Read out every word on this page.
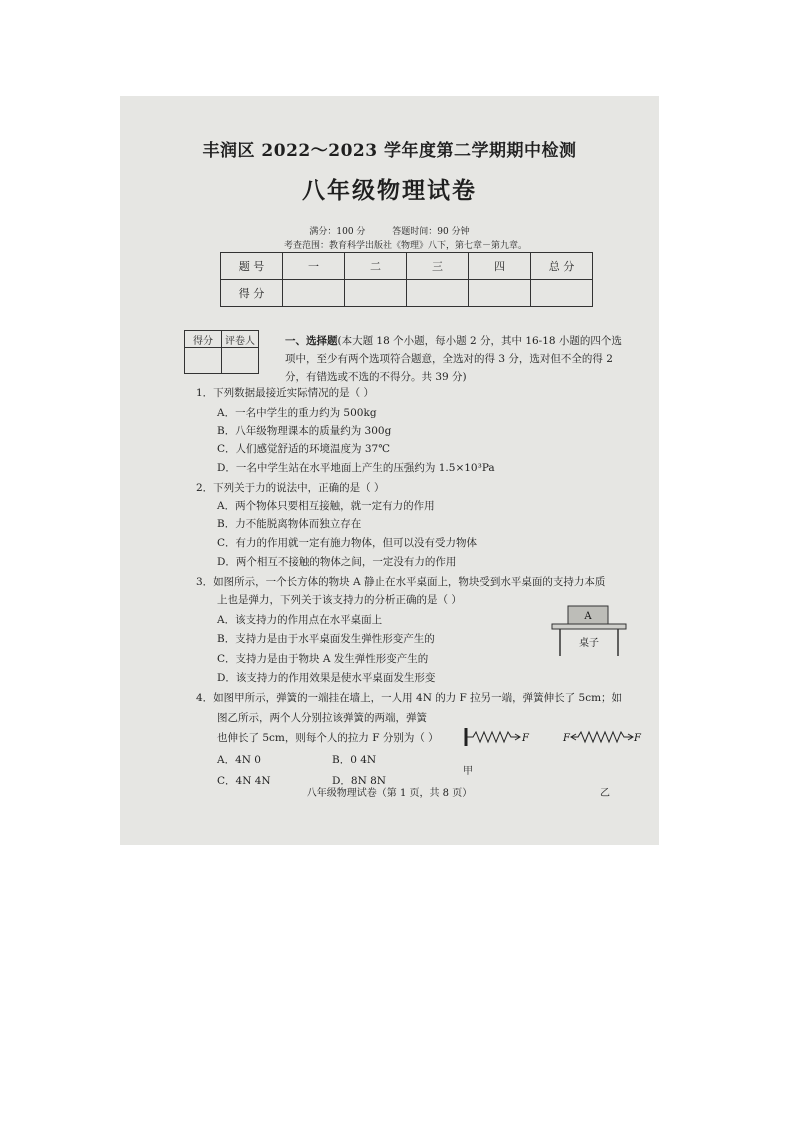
丰润区 2022～2023 学年度第二学期期中检测
八年级物理试卷
满分：100 分	答题时间：90 分钟
考查范围：教育科学出版社《物理》八下，第七章－第九章。
题 号	一	二	三	四	总 分
得 分					
得分	评卷人
		一、选择题(本大题 18 个小题，每小题 2 分，其中 16-18 小题的四个选
项中，至少有两个选项符合题意，全选对的得 3 分，选对但不全的得 2
分，有错选或不选的不得分。共 39 分)
1．下列数据最接近实际情况的是（ ）
A．一名中学生的重力约为 500kg
B．八年级物理课本的质量约为 300g
C．人们感觉舒适的环境温度为 37℃
D．一名中学生站在水平地面上产生的压强约为 1.5×10³Pa
2．下列关于力的说法中，正确的是（ ）
A．两个物体只要相互接触，就一定有力的作用
B．力不能脱离物体而独立存在
C．有力的作用就一定有施力物体，但可以没有受力物体
D．两个相互不接触的物体之间，一定没有力的作用
3．如图所示，一个长方体的物块 A 静止在水平桌面上，物块受到水平桌面的支持力本质
上也是弹力，下列关于该支持力的分析正确的是（ ）
A．该支持力的作用点在水平桌面上
B．支持力是由于水平桌面发生弹性形变产生的
C．支持力是由于物块 A 发生弹性形变产生的
D．该支持力的作用效果是使水平桌面发生形变
A
桌子
4．如图甲所示，弹簧的一端挂在墙上，一人用 4N 的力 F 拉另一端，弹簧伸长了 5cm；如
图乙所示，两个人分别拉该弹簧的两端，弹簧
也伸长了 5cm，则每个人的拉力 F 分别为（ ）
A．4N 0	B．0 4N
C．4N 4N	D．8N 8N
F
甲
F	F
乙
八年级物理试卷（第 1 页，共 8 页）
